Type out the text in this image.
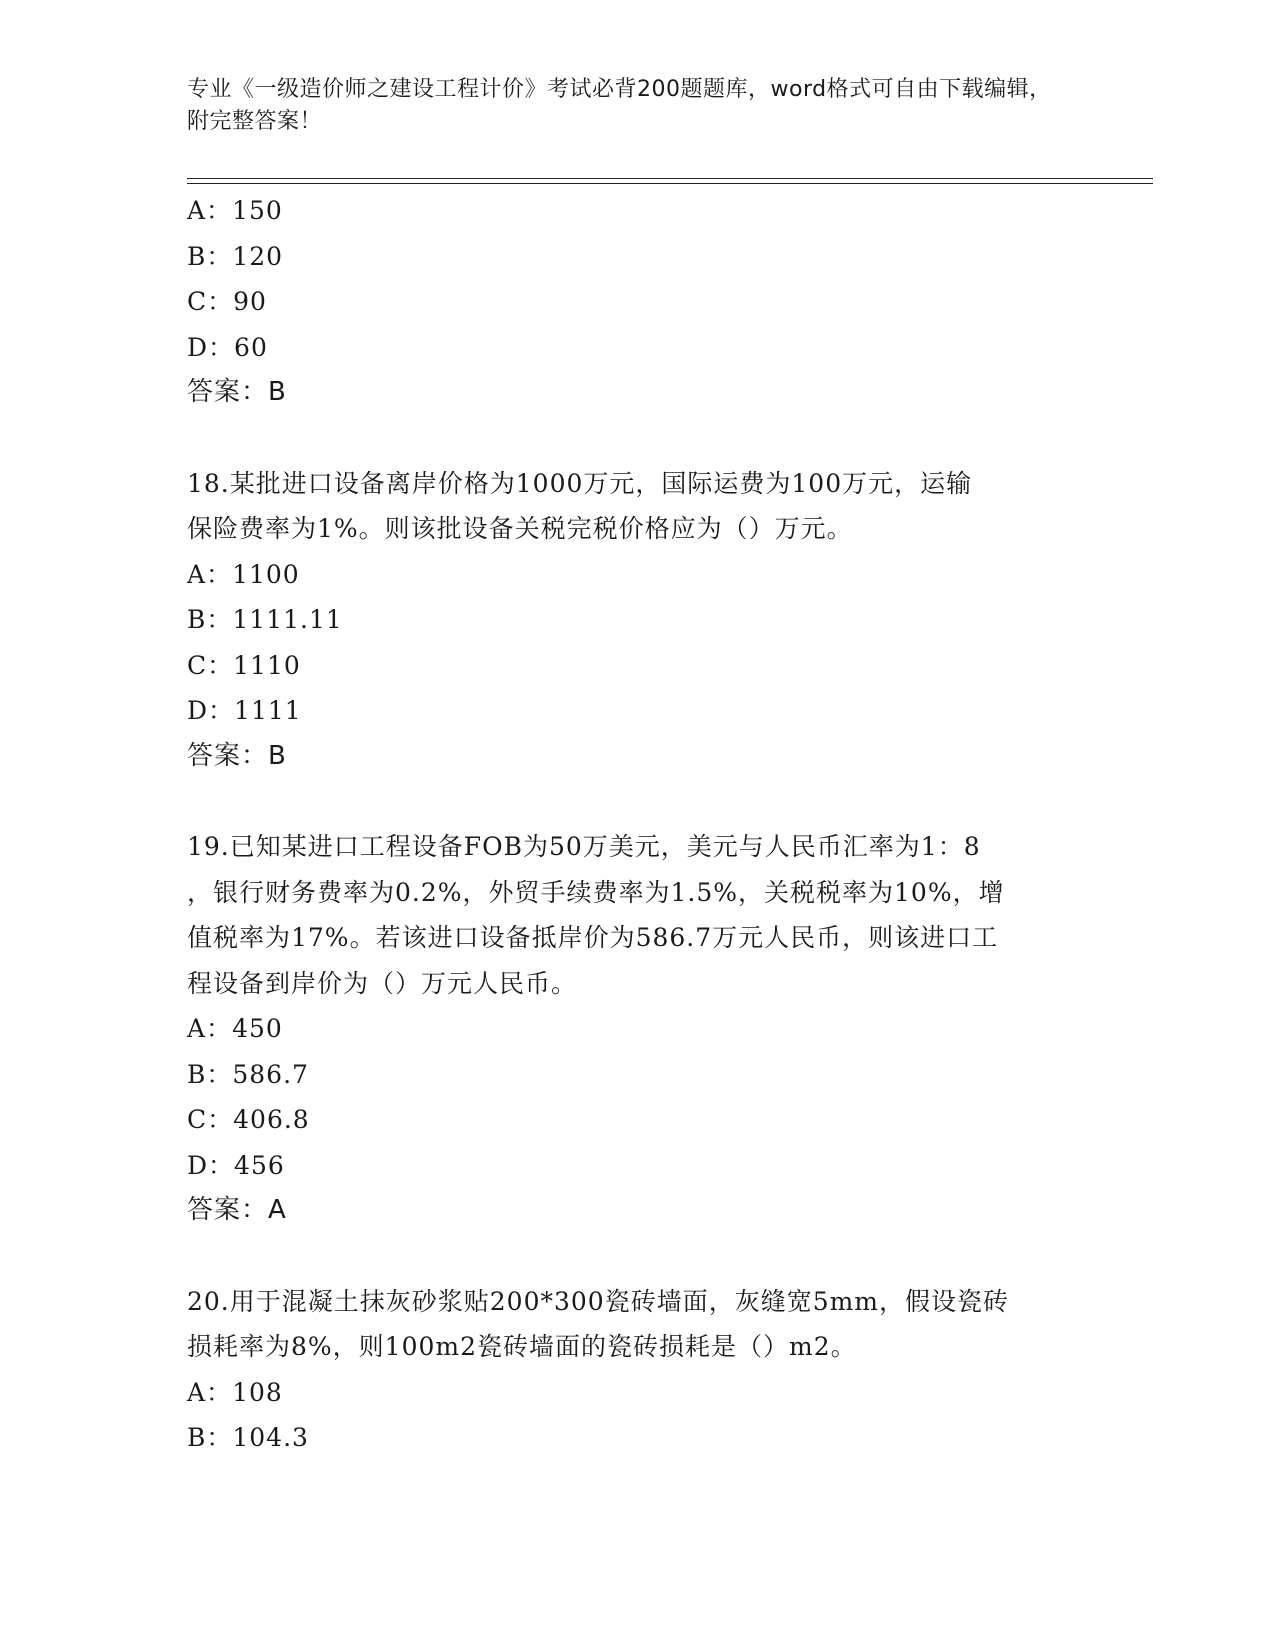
专业《一级造价师之建设工程计价》考试必背200题题库，word格式可自由下载编辑，附完整答案！
A：150
B：120
C：90
D：60
答案：B
18.某批进口设备离岸价格为1000万元，国际运费为100万元，运输
保险费率为1%。则该批设备关税完税价格应为（）万元。
A：1100
B：1111.11
C：1110
D：1111
答案：B
19.已知某进口工程设备FOB为50万美元，美元与人民币汇率为1：8
，银行财务费率为0.2%，外贸手续费率为1.5%，关税税率为10%，增
值税率为17%。若该进口设备抵岸价为586.7万元人民币，则该进口工
程设备到岸价为（）万元人民币。
A：450
B：586.7
C：406.8
D：456
答案：A
20.用于混凝土抹灰砂浆贴200*300瓷砖墙面，灰缝宽5mm，假设瓷砖
损耗率为8%，则100m2瓷砖墙面的瓷砖损耗是（）m2。
A：108
B：104.3
